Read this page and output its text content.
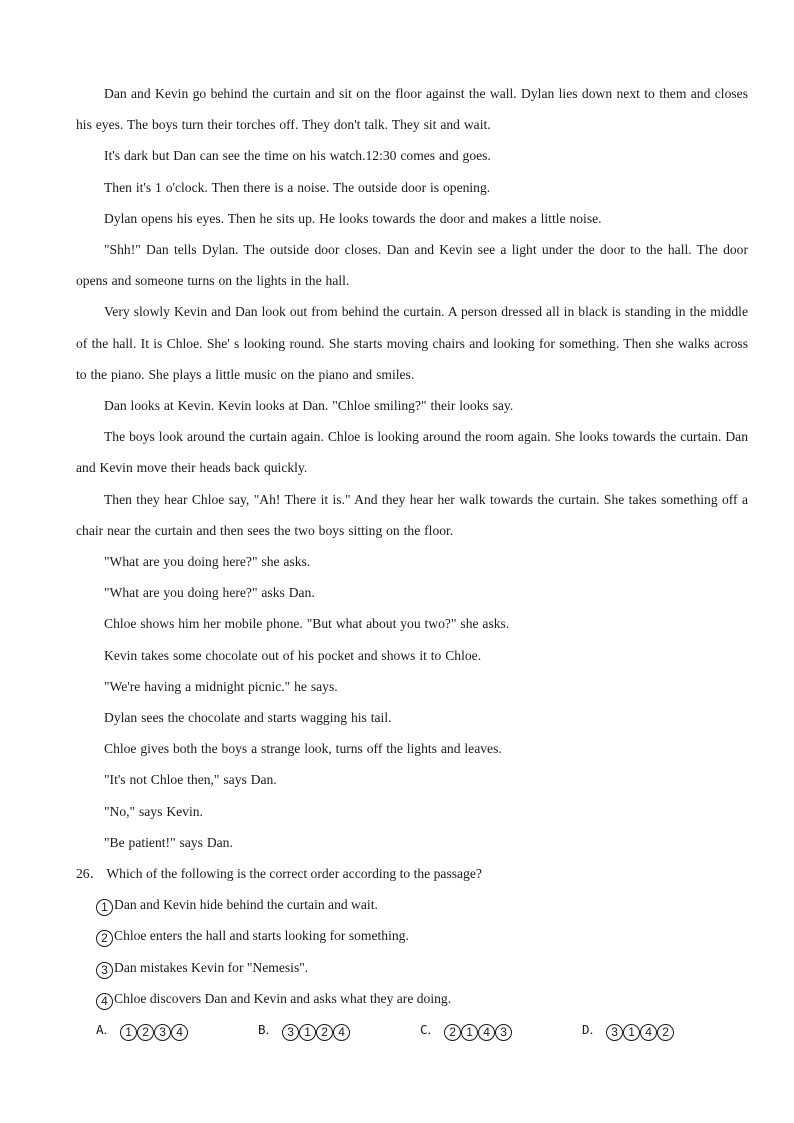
Dan and Kevin go behind the curtain and sit on the floor against the wall. Dylan lies down next to them and closes his eyes. The boys turn their torches off. They don't talk. They sit and wait.

It's dark but Dan can see the time on his watch.12:30 comes and goes.

Then it's 1 o'clock. Then there is a noise. The outside door is opening.

Dylan opens his eyes. Then he sits up. He looks towards the door and makes a little noise.

"Shh!" Dan tells Dylan. The outside door closes. Dan and Kevin see a light under the door to the hall. The door opens and someone turns on the lights in the hall.

Very slowly Kevin and Dan look out from behind the curtain. A person dressed all in black is standing in the middle of the hall. It is Chloe. She' s looking round. She starts moving chairs and looking for something. Then she walks across to the piano. She plays a little music on the piano and smiles.

Dan looks at Kevin. Kevin looks at Dan. "Chloe smiling?" their looks say.

The boys look around the curtain again. Chloe is looking around the room again. She looks towards the curtain. Dan and Kevin move their heads back quickly.

Then they hear Chloe say, "Ah! There it is." And they hear her walk towards the curtain. She takes something off a chair near the curtain and then sees the two boys sitting on the floor.

"What are you doing here?" she asks.

"What are you doing here?" asks Dan.

Chloe shows him her mobile phone. "But what about you two?" she asks.

Kevin takes some chocolate out of his pocket and shows it to Chloe.

"We're having a midnight picnic." he says.

Dylan sees the chocolate and starts wagging his tail.

Chloe gives both the boys a strange look, turns off the lights and leaves.

"It's not Chloe then," says Dan.

"No," says Kevin.

"Be patient!" says Dan.

26． Which of the following is the correct order according to the passage?

1 Dan and Kevin hide behind the curtain and wait.

2 Chloe enters the hall and starts looking for something.

3 Dan mistakes Kevin for "Nemesis".

4 Chloe discovers Dan and Kevin and asks what they are doing.

A． 1 2 3 4	B． 3 1 2 4	C． 2 1 4 3	D． 3 1 4 2
